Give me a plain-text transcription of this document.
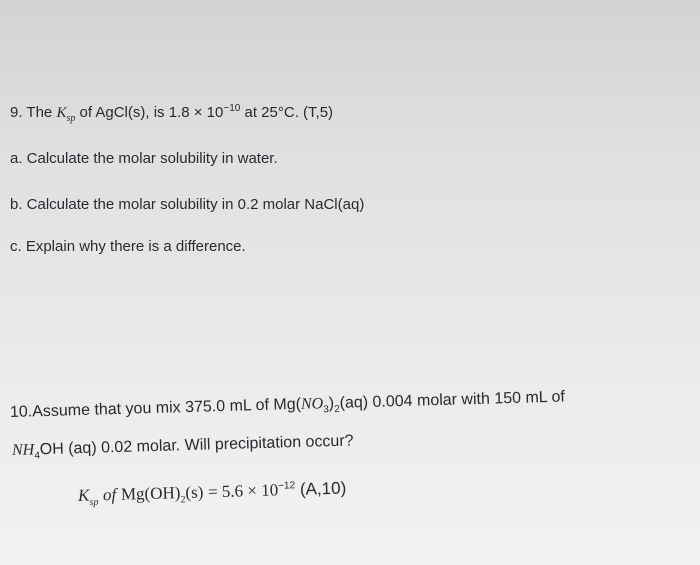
9. The $K_{sp}$ of AgCl(s), is $1.8 \times 10^{-10}$ at 25°C. (T,5)
a. Calculate the molar solubility in water.
b. Calculate the molar solubility in 0.2 molar NaCl(aq)
c. Explain why there is a difference.
10.Assume that you mix 375.0 mL of $Mg(NO_3)_2(aq)$ 0.004 molar with 150 mL of
$NH_4OH$ (aq) 0.02 molar. Will precipitation occur?
$K_{sp}$ of $Mg(OH)_2(s) = 5.6 \times 10^{-12}$ (A,10)
